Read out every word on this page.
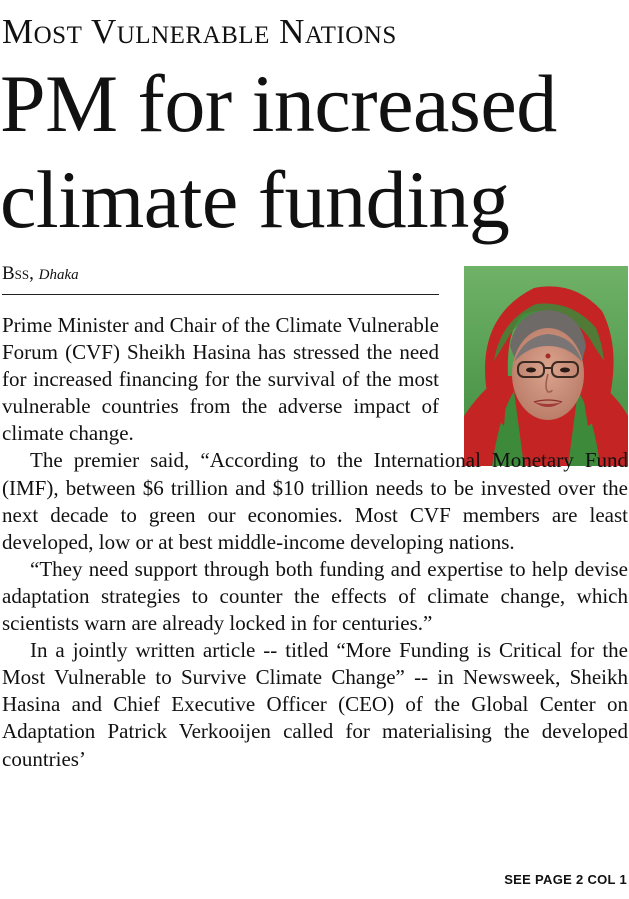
Most Vulnerable Nations
PM for increased
climate funding
Bss, Dhaka

Prime Minister and Chair of the Climate Vulnerable Forum (CVF) Sheikh Hasina has stressed the need for increased financing for the survival of the most vulnerable countries from the adverse impact of climate change.

The premier said, “According to the International Monetary Fund (IMF), between $6 trillion and $10 trillion needs to be invested over the next decade to green our economies. Most CVF members are least developed, low or at best middle-income developing nations.

“They need support through both funding and expertise to help devise adaptation strategies to counter the effects of climate change, which scientists warn are already locked in for centuries.”

In a jointly written article -- titled “More Funding is Critical for the Most Vulnerable to Survive Climate Change” -- in Newsweek, Sheikh Hasina and Chief Executive Officer (CEO) of the Global Center on Adaptation Patrick Verkooijen called for materialising the developed countries’

SEE PAGE 2 COL 1
